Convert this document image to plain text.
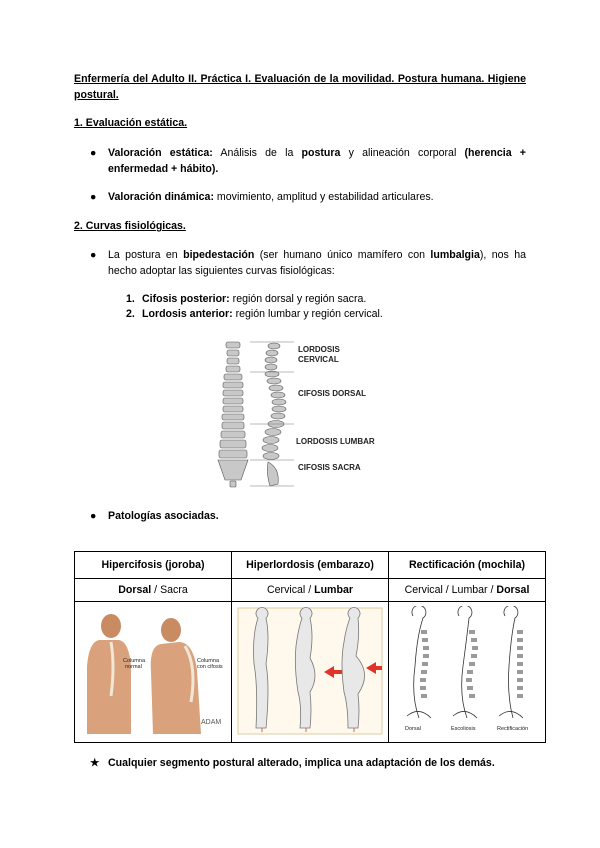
Enfermería del Adulto II. Práctica I. Evaluación de la movilidad. Postura humana. Higiene postural.
1. Evaluación estática.
● Valoración estática: Análisis de la postura y alineación corporal (herencia + enfermedad + hábito).
● Valoración dinámica: movimiento, amplitud y estabilidad articulares.
2. Curvas fisiológicas.
● La postura en bipedestación (ser humano único mamífero con lumbalgia), nos ha hecho adoptar las siguientes curvas fisiológicas:
1. Cifosis posterior: región dorsal y región sacra.
2. Lordosis anterior: región lumbar y región cervical.
LORDOSIS
CERVICAL
CIFOSIS DORSAL
LORDOSIS LUMBAR
CIFOSIS SACRA
● Patologías asociadas.
Hipercifosis (joroba)	Hiperlordosis (embarazo)	Rectificación (mochila)
Dorsal / Sacra	Cervical / Lumbar	Cervical / Lumbar / Dorsal

Columna
normal
Columna
con cifosis
ADAM		Dorsal Escoliosis Rectificación
★ Cualquier segmento postural alterado, implica una adaptación de los demás.
